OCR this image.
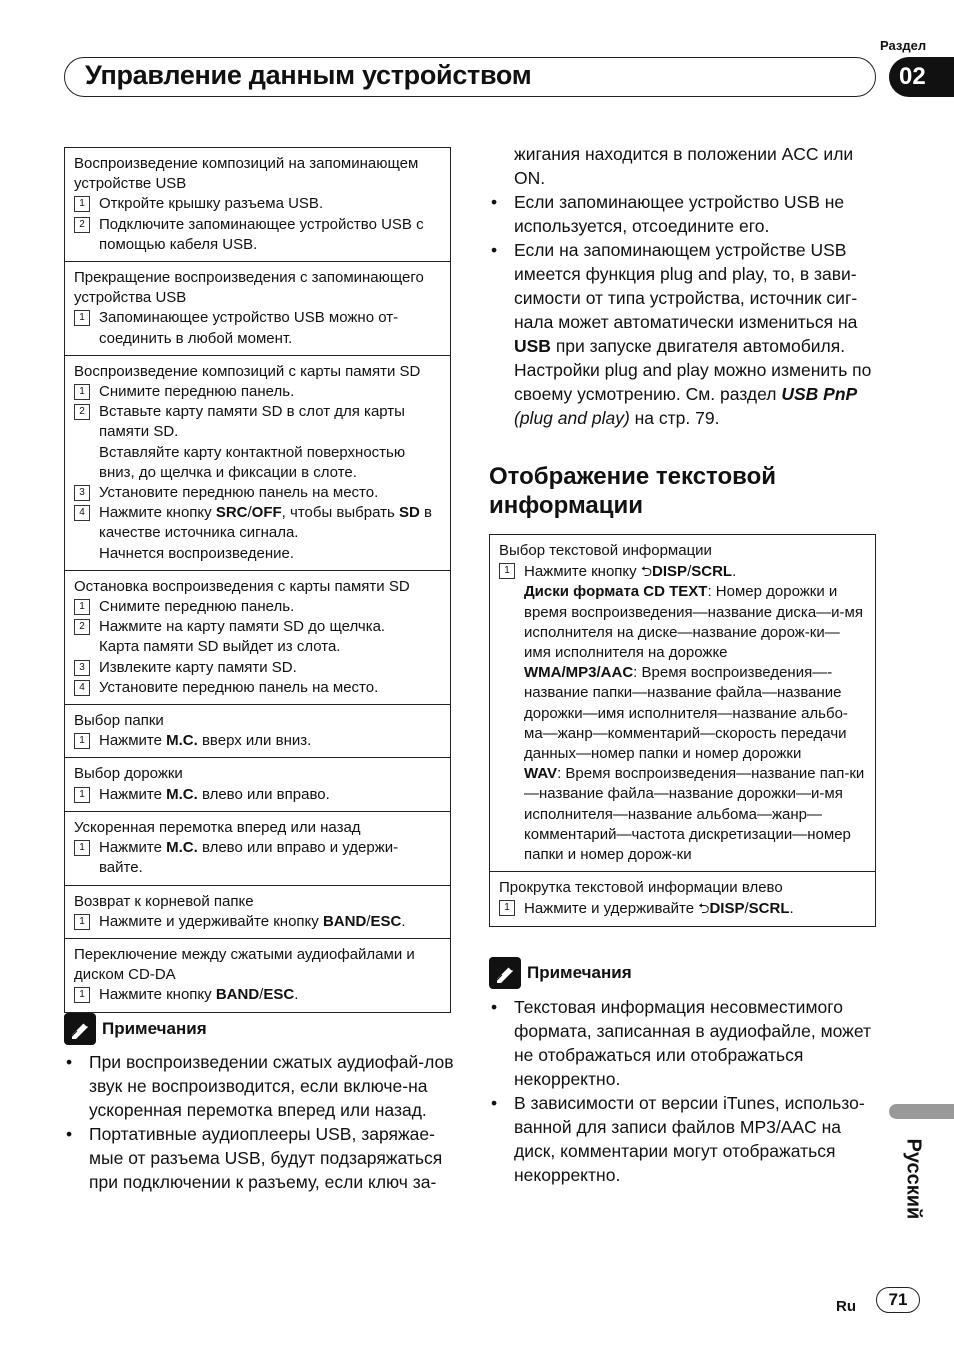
Раздел
Управление данным устройством	02
Воспроизведение композиций на запоминающем устройстве USB
1 Откройте крышку разъема USB.
2 Подключите запоминающее устройство USB с помощью кабеля USB.
Прекращение воспроизведения с запоминающего устройства USB
1 Запоминающее устройство USB можно от-соединить в любой момент.
Воспроизведение композиций с карты памяти SD
1 Снимите переднюю панель.
2 Вставьте карту памяти SD в слот для карты памяти SD.
Вставляйте карту контактной поверхностью вниз, до щелчка и фиксации в слоте.
3 Установите переднюю панель на место.
4 Нажмите кнопку SRC/OFF, чтобы выбрать SD в качестве источника сигнала.
Начнется воспроизведение.
Остановка воспроизведения с карты памяти SD
1 Снимите переднюю панель.
2 Нажмите на карту памяти SD до щелчка.
Карта памяти SD выйдет из слота.
3 Извлеките карту памяти SD.
4 Установите переднюю панель на место.
Выбор папки
1 Нажмите M.C. вверх или вниз.
Выбор дорожки
1 Нажмите M.C. влево или вправо.
Ускоренная перемотка вперед или назад
1 Нажмите M.C. влево или вправо и удержи-вайте.
Возврат к корневой папке
1 Нажмите и удерживайте кнопку BAND/ESC.
Переключение между сжатыми аудиофайлами и диском CD-DA
1 Нажмите кнопку BAND/ESC.
Примечания
• При воспроизведении сжатых аудиофай-лов звук не воспроизводится, если включе-на ускоренная перемотка вперед или назад.
• Портативные аудиоплееры USB, заряжае-мые от разъема USB, будут подзаряжаться при подключении к разъему, если ключ за-
жигания находится в положении ACC или ON.
• Если запоминающее устройство USB не используется, отсоедините его.
• Если на запоминающем устройстве USB имеется функция plug and play, то, в зави-симости от типа устройства, источник сиг-нала может автоматически измениться на USB при запуске двигателя автомобиля. Настройки plug and play можно изменить по своему усмотрению. См. раздел USB PnP (plug and play) на стр. 79.
Отображение текстовой информации
Выбор текстовой информации
1 Нажмите кнопку ⮌DISP/SCRL.
Диски формата CD TEXT: Номер дорожки и время воспроизведения—название диска—и-мя исполнителя на диске—название дорож-ки—имя исполнителя на дорожке
WMA/MP3/AAC: Время воспроизведения—-название папки—название файла—название дорожки—имя исполнителя—название альбо-ма—жанр—комментарий—скорость передачи данных—номер папки и номер дорожки
WAV: Время воспроизведения—название пап-ки—название файла—название дорожки—и-мя исполнителя—название альбома—жанр—комментарий—частота дискретизации—номер папки и номер дорож-ки
Прокрутка текстовой информации влево
1 Нажмите и удерживайте ⮌DISP/SCRL.
Примечания
• Текстовая информация несовместимого формата, записанная в аудиофайле, может не отображаться или отображаться некорректно.
• В зависимости от версии iTunes, использо-ванной для записи файлов MP3/AAC на диск, комментарии могут отображаться некорректно.	Русский
Ru	71
